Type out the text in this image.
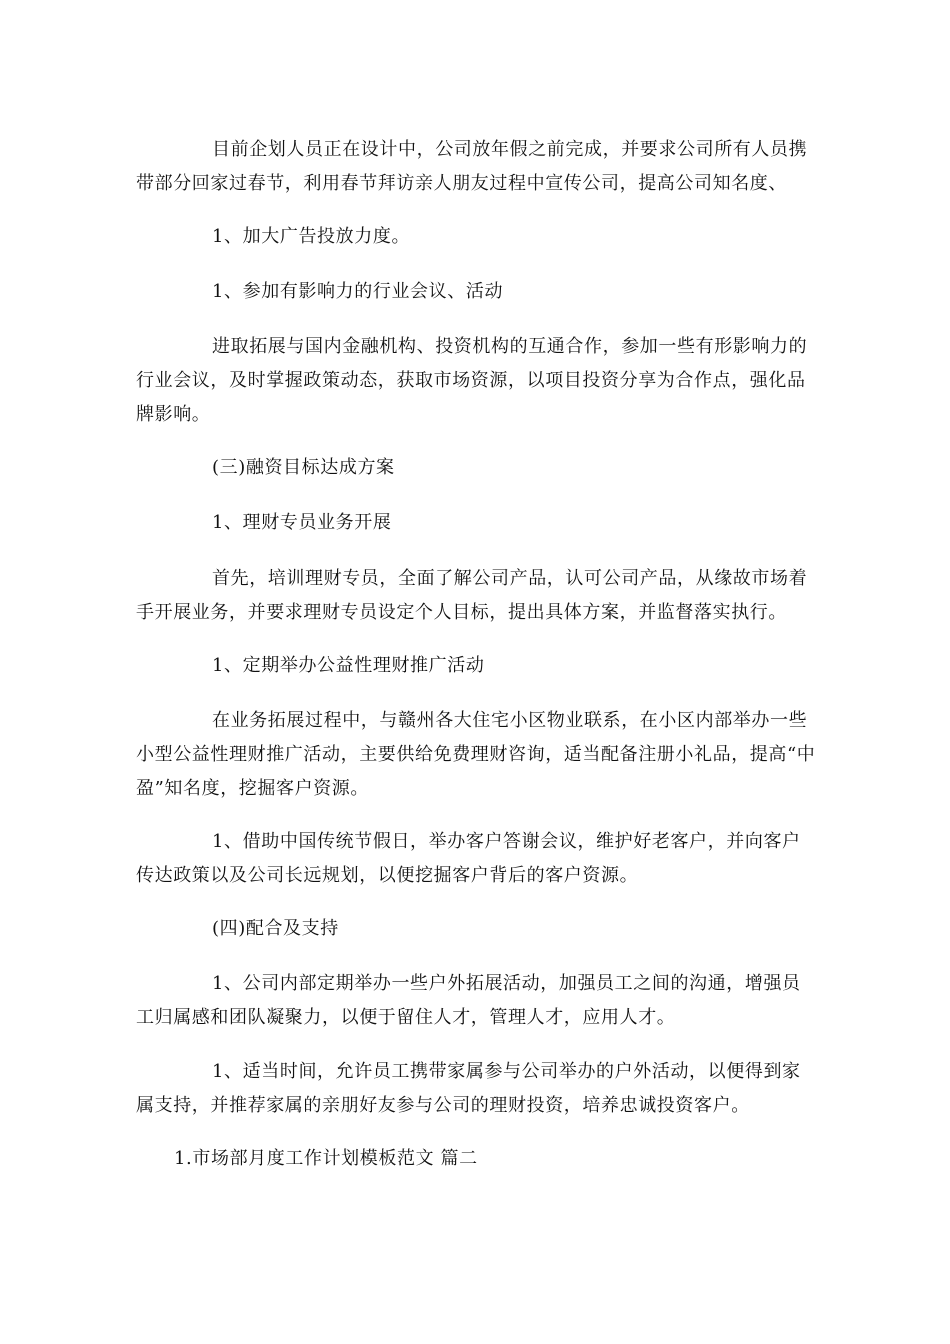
目前企划人员正在设计中，公司放年假之前完成，并要求公司所有人员携带部分回家过春节，利用春节拜访亲人朋友过程中宣传公司，提高公司知名度、

1、加大广告投放力度。

1、参加有影响力的行业会议、活动

进取拓展与国内金融机构、投资机构的互通合作，参加一些有形影响力的行业会议，及时掌握政策动态，获取市场资源，以项目投资分享为合作点，强化品牌影响。

(三)融资目标达成方案

1、理财专员业务开展

首先，培训理财专员，全面了解公司产品，认可公司产品，从缘故市场着手开展业务，并要求理财专员设定个人目标，提出具体方案，并监督落实执行。

1、定期举办公益性理财推广活动

在业务拓展过程中，与赣州各大住宅小区物业联系，在小区内部举办一些小型公益性理财推广活动，主要供给免费理财咨询，适当配备注册小礼品，提高“中盈”知名度，挖掘客户资源。

1、借助中国传统节假日，举办客户答谢会议，维护好老客户，并向客户传达政策以及公司长远规划，以便挖掘客户背后的客户资源。

(四)配合及支持

1、公司内部定期举办一些户外拓展活动，加强员工之间的沟通，增强员工归属感和团队凝聚力，以便于留住人才，管理人才，应用人才。

1、适当时间，允许员工携带家属参与公司举办的户外活动，以便得到家属支持，并推荐家属的亲朋好友参与公司的理财投资，培养忠诚投资客户。

1.市场部月度工作计划模板范文 篇二
